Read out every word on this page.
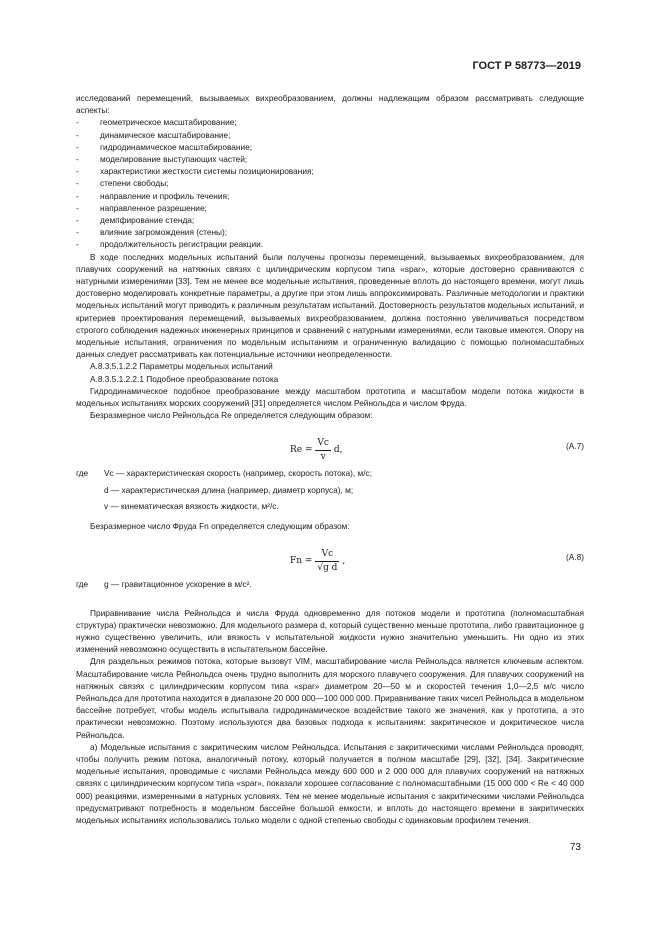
ГОСТ Р 58773—2019

исследований перемещений, вызываемых вихреобразованием, должны надлежащим образом рассматривать следующие аспекты:

- геометрическое масштабирование;
- динамическое масштабирование;
- гидродинамическое масштабирование;
- моделирование выступающих частей;
- характеристики жесткости системы позиционирования;
- степени свободы;
- направление и профиль течения;
- направленное разрешение;
- демпфирование стенда;
- влияние загромождения (стены);
- продолжительность регистрации реакции.

В ходе последних модельных испытаний были получены прогнозы перемещений, вызываемых вихреобразованием, для плавучих сооружений на натяжных связях с цилиндрическим корпусом типа «spar», которые достоверно сравниваются с натурными измерениями [33]. Тем не менее все модельные испытания, проведенные вплоть до настоящего времени, могут лишь достоверно моделировать конкретные параметры, а другие при этом лишь аппроксимировать. Различные методологии и практики модельных испытаний могут приводить к различным результатам испытаний. Достоверность результатов модельных испытаний, и критериев проектирования перемещений, вызываемых вихреобразованием, должна постоянно увеличиваться посредством строгого соблюдения надежных инженерных принципов и сравнений с натурными измерениями, если таковые имеются. Опору на модельные испытания, ограничения по модельным испытаниям и ограниченную валидацию с помощью полномасштабных данных следует рассматривать как потенциальные источники неопределенности.

А.8.3.5.1.2.2 Параметры модельных испытаний

А.8.3.5.1.2.2.1 Подобное преобразование потока

Гидродинамическое подобное преобразование между масштабом прототипа и масштабом модели потока жидкости в модельных испытаниях морских сооружений [31] определяется числом Рейнольдса и числом Фруда.

Безразмерное число Рейнольдса Re определяется следующим образом:

$Re = \frac{Vc}{v} d$,	(А.7)
где	Vc — характеристическая скорость (например, скорость потока), м/с;
d — характеристическая длина (например, диаметр корпуса), м;
v — кинематическая вязкость жидкости, м²/с.

Безразмерное число Фруда Fn определяется следующим образом:

$Fn = \frac{Vc}{\text{√g d}}$ ,	(А.8)
где	g — гравитационное ускорение в м/с².

Приравнивание числа Рейнольдса и числа Фруда одновременно для потоков модели и прототипа (полномасштабная структура) практически невозможно. Для модельного размера d, который существенно меньше прототипа, либо гравитационное g нужно существенно увеличить, или вязкость v испытательной жидкости нужно значительно уменьшить. Ни одно из этих изменений невозможно осуществить в испытательном бассейне.

Для раздельных режимов потока, которые вызовут VIM, масштабирование числа Рейнольдса является ключевым аспектом. Масштабирование числа Рейнольдса очень трудно выполнить для морского плавучего сооружения. Для плавучих сооружений на натяжных связях с цилиндрическим корпусом типа «spar» диаметром 20—50 м и скоростей течения 1,0—2,5 м/с число Рейнольдса для прототипа находится в диапазоне 20 000 000—100 000 000. Приравнивание таких чисел Рейнольдса в модельном бассейне потребует, чтобы модель испытывала гидродинамическое воздействие такого же значения, как у прототипа, а это практически невозможно. Поэтому используются два базовых подхода к испытаниям: закритическое и докритическое числа Рейнольдса.

а) Модельные испытания с закритическим числом Рейнольдса. Испытания с закритическими числами Рейнольдса проводят, чтобы получить режим потока, аналогичный потоку, который получается в полном масштабе [29], [32], [34]. Закритические модельные испытания, проводимые с числами Рейнольдса между 600 000 и 2 000 000 для плавучих сооружений на натяжных связях с цилиндрическим корпусом типа «spar», показали хорошее согласование с полномасштабными (15 000 000 < Re < 40 000 000) реакциями, измеренными в натурных условиях. Тем не менее модельные испытания с закритическими числами Рейнольдса предусматривают потребность в модельном бассейне большой емкости, и вплоть до настоящего времени в закритических модельных испытаниях использовались только модели с одной степенью свободы с одинаковым профилем течения.

73
